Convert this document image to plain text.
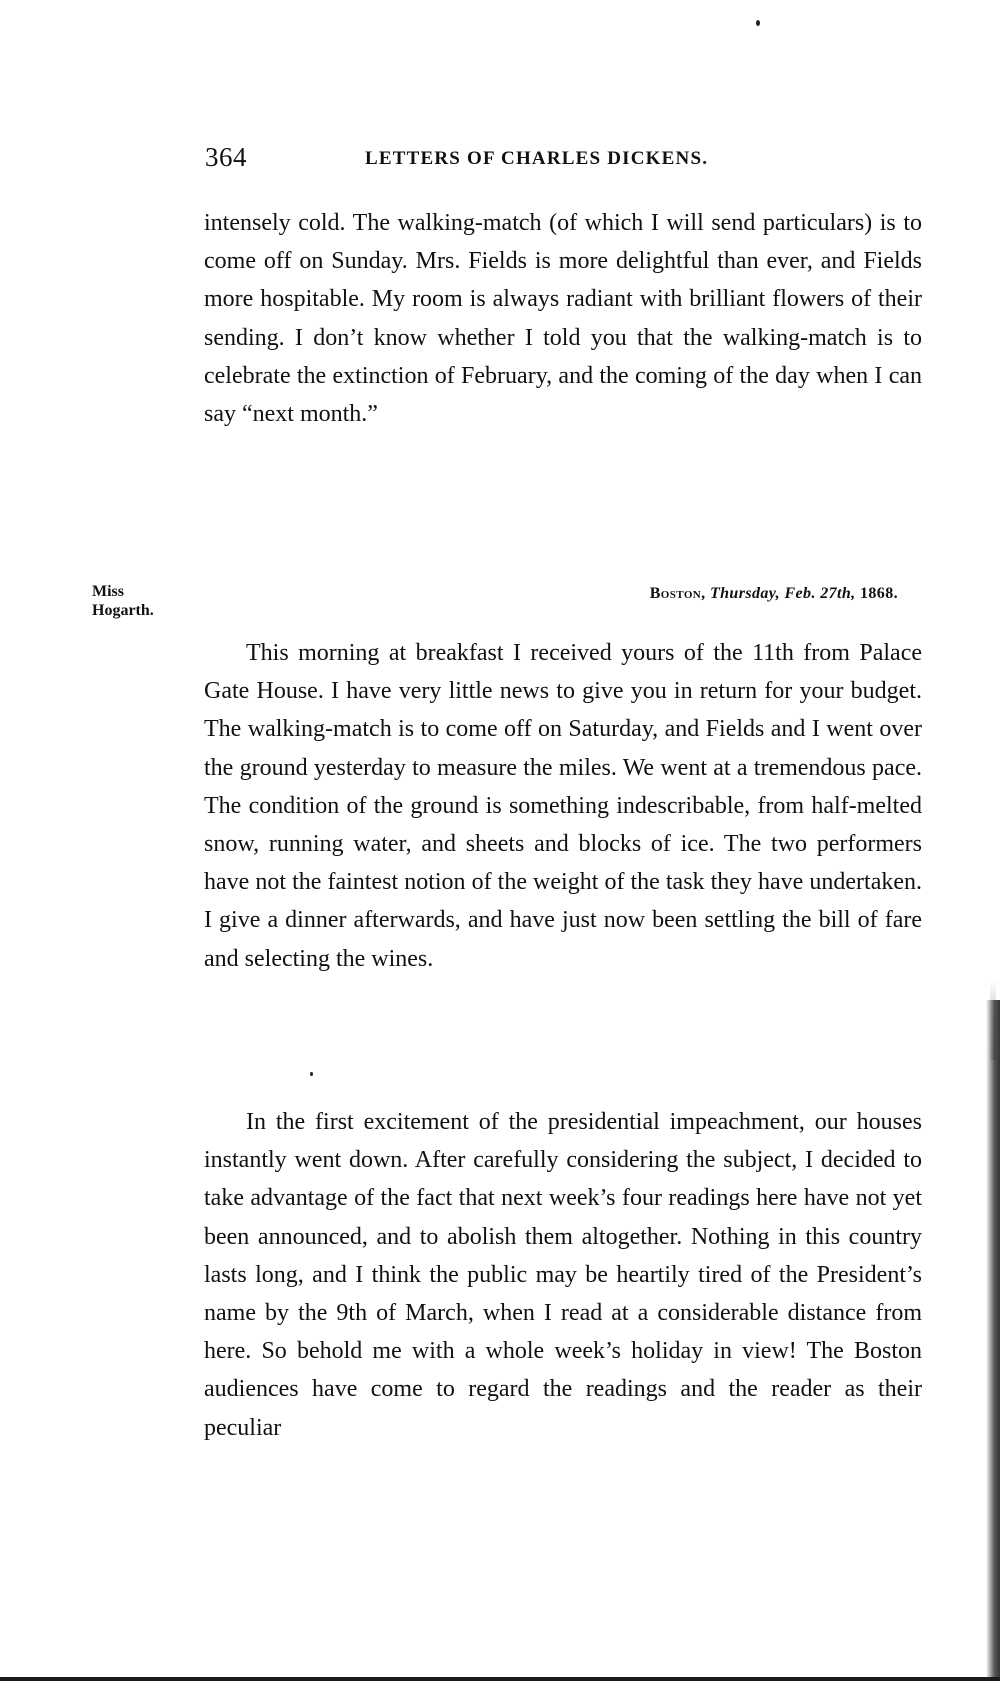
364	LETTERS OF CHARLES DICKENS.

intensely cold. The walking-match (of which I will send particulars) is to come off on Sunday. Mrs. Fields is more delightful than ever, and Fields more hospitable. My room is always radiant with brilliant flowers of their sending. I don’t know whether I told you that the walking-match is to celebrate the extinction of February, and the coming of the day when I can say “next month.”

Miss
Hogarth.
Boston, Thursday, Feb. 27th, 1868.

This morning at breakfast I received yours of the 11th from Palace Gate House. I have very little news to give you in return for your budget. The walking-match is to come off on Saturday, and Fields and I went over the ground yesterday to measure the miles. We went at a tremendous pace. The condition of the ground is something indescribable, from half-melted snow, running water, and sheets and blocks of ice. The two performers have not the faintest notion of the weight of the task they have undertaken. I give a dinner afterwards, and have just now been settling the bill of fare and selecting the wines.

In the first excitement of the presidential impeachment, our houses instantly went down. After carefully considering the subject, I decided to take advantage of the fact that next week’s four readings here have not yet been announced, and to abolish them altogether. Nothing in this country lasts long, and I think the public may be heartily tired of the President’s name by the 9th of March, when I read at a considerable distance from here. So behold me with a whole week’s holiday in view! The Boston audiences have come to regard the readings and the reader as their peculiar
